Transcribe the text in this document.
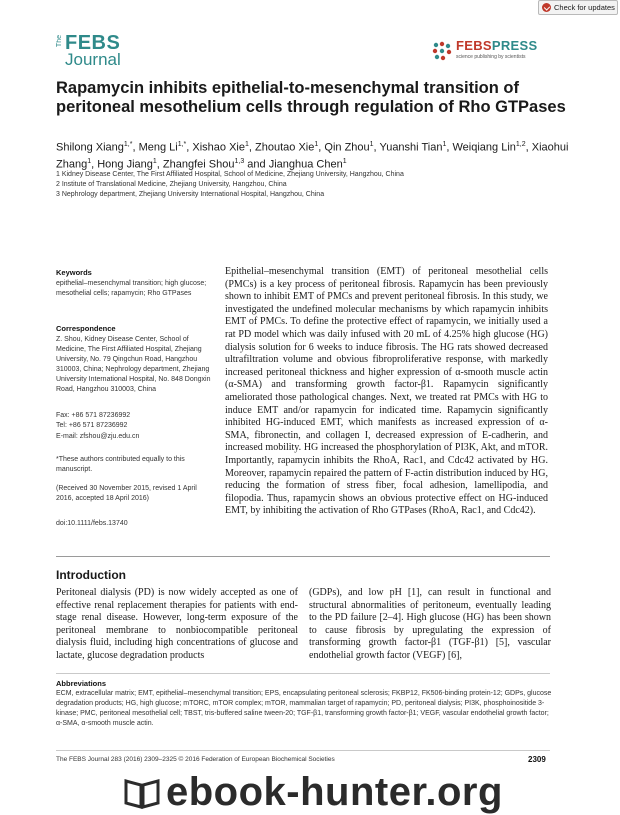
Check for updates
The FEBS
Journal
FEBSPRESS
science publishing by scientists
Rapamycin inhibits epithelial-to-mesenchymal transition of peritoneal mesothelium cells through regulation of Rho GTPases
Shilong Xiang$^{1,*}$, Meng $Li^{1,*}$, Xishao Xie$^1$, Zhoutao Xie$^1$, Qin Zhou$^1$, Yuanshi Tian$^1$, Weiqiang Lin$^{1,2}$, Xiaohui Zhang$^1$, Hong Jiang$^1$, Zhangfei Shou$^{1,3}$ and Jianghua Chen$^1$
1 Kidney Disease Center, The First Affiliated Hospital, School of Medicine, Zhejiang University, Hangzhou, China
2 Institute of Translational Medicine, Zhejiang University, Hangzhou, China
3 Nephrology department, Zhejiang University International Hospital, Hangzhou, China
Keywords
epithelial–mesenchymal transition; high glucose; mesothelial cells; rapamycin; Rho GTPases
Correspondence
Z. Shou, Kidney Disease Center, School of Medicine, The First Affiliated Hospital, Zhejiang University, No. 79 Qingchun Road, Hangzhou 310003, China; Nephrology department, Zhejiang University International Hospital, No. 848 Dongxin Road, Hangzhou 310003, China
Fax: +86 571 87236992
Tel: +86 571 87236992
E-mail: zfshou@zju.edu.cn
*These authors contributed equally to this manuscript.
(Received 30 November 2015, revised 1 April 2016, accepted 18 April 2016)
doi:10.1111/febs.13740
Epithelial–mesenchymal transition (EMT) of peritoneal mesothelial cells (PMCs) is a key process of peritoneal fibrosis. Rapamycin has been previously shown to inhibit EMT of PMCs and prevent peritoneal fibrosis. In this study, we investigated the undefined molecular mechanisms by which rapamycin inhibits EMT of PMCs. To define the protective effect of rapamycin, we initially used a rat PD model which was daily infused with 20 mL of 4.25% high glucose (HG) dialysis solution for 6 weeks to induce fibrosis. The HG rats showed decreased ultrafiltration volume and obvious fibroproliferative response, with markedly increased peritoneal thickness and higher expression of α-smooth muscle actin (α-SMA) and transforming growth factor-β1. Rapamycin significantly ameliorated those pathological changes. Next, we treated rat PMCs with HG to induce EMT and/or rapamycin for indicated time. Rapamycin significantly inhibited HG-induced EMT, which manifests as increased expression of α-SMA, fibronectin, and collagen I, decreased expression of E-cadherin, and increased mobility. HG increased the phosphorylation of PI3K, Akt, and mTOR. Importantly, rapamycin inhibits the RhoA, Rac1, and Cdc42 activated by HG. Moreover, rapamycin repaired the pattern of F-actin distribution induced by HG, reducing the formation of stress fiber, focal adhesion, lamellipodia, and filopodia. Thus, rapamycin shows an obvious protective effect on HG-induced EMT, by inhibiting the activation of Rho GTPases (RhoA, Rac1, and Cdc42).
Introduction
Peritoneal dialysis (PD) is now widely accepted as one of effective renal replacement therapies for patients with end-stage renal disease. However, long-term exposure of the peritoneal membrane to nonbiocompatible peritoneal dialysis fluid, including high concentrations of glucose and lactate, glucose degradation products
(GDPs), and low pH [1], can result in functional and structural abnormalities of peritoneum, eventually leading to the PD failure [2–4]. High glucose (HG) has been shown to cause fibrosis by upregulating the expression of transforming growth factor-β1 (TGF-β1) [5], vascular endothelial growth factor (VEGF) [6],
Abbreviations
ECM, extracellular matrix; EMT, epithelial–mesenchymal transition; EPS, encapsulating peritoneal sclerosis; FKBP12, FK506-binding protein-12; GDPs, glucose degradation products; HG, high glucose; mTORC, mTOR complex; mTOR, mammalian target of rapamycin; PD, peritoneal dialysis; PI3K, phosphoinositide 3-kinase; PMC, peritoneal mesothelial cell; TBST, tris-buffered saline tween-20; TGF-β1, transforming growth factor-β1; VEGF, vascular endothelial growth factor; α-SMA, α-smooth muscle actin.
The FEBS Journal 283 (2016) 2309–2325 © 2016 Federation of European Biochemical Societies	2309
ebook-hunter.org
